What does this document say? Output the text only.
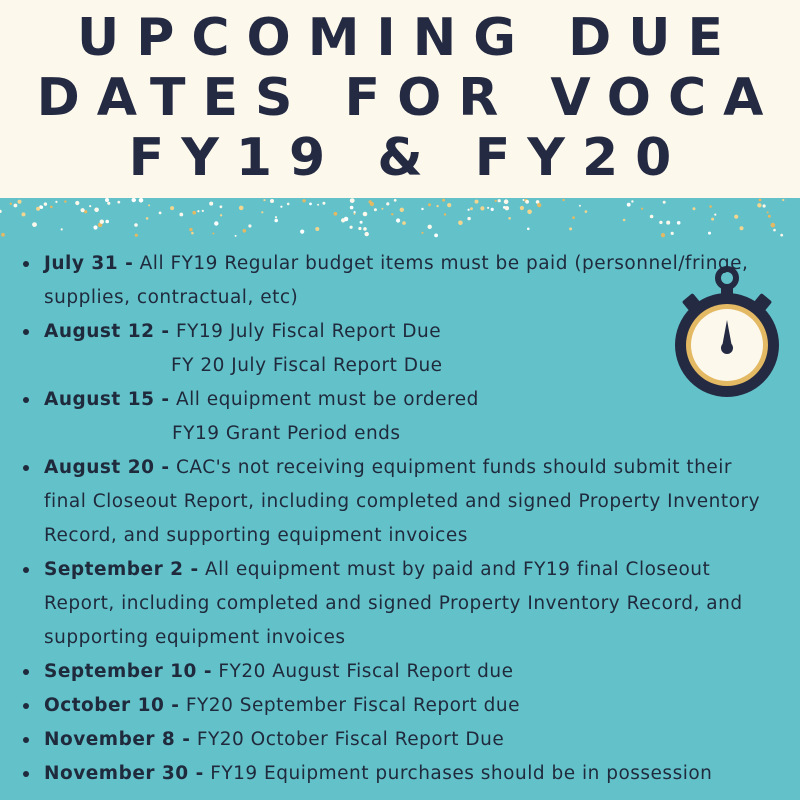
UPCOMING DUE
DATES FOR VOCA
FY19 & FY20
July 31 - All FY19 Regular budget items must be paid (personnel/fringe, supplies, contractual, etc)
August 12 - FY19 July Fiscal Report Due
FY 20 July Fiscal Report Due
August 15 - All equipment must be ordered
FY19 Grant Period ends
August 20 - CAC's not receiving equipment funds should submit their final Closeout Report, including completed and signed Property Inventory Record, and supporting equipment invoices
September 2 - All equipment must by paid and FY19 final Closeout Report, including completed and signed Property Inventory Record, and supporting equipment invoices
September 10 - FY20 August Fiscal Report due
October 10 - FY20 September Fiscal Report due
November 8 - FY20 October Fiscal Report Due
November 30 - FY19 Equipment purchases should be in possession
